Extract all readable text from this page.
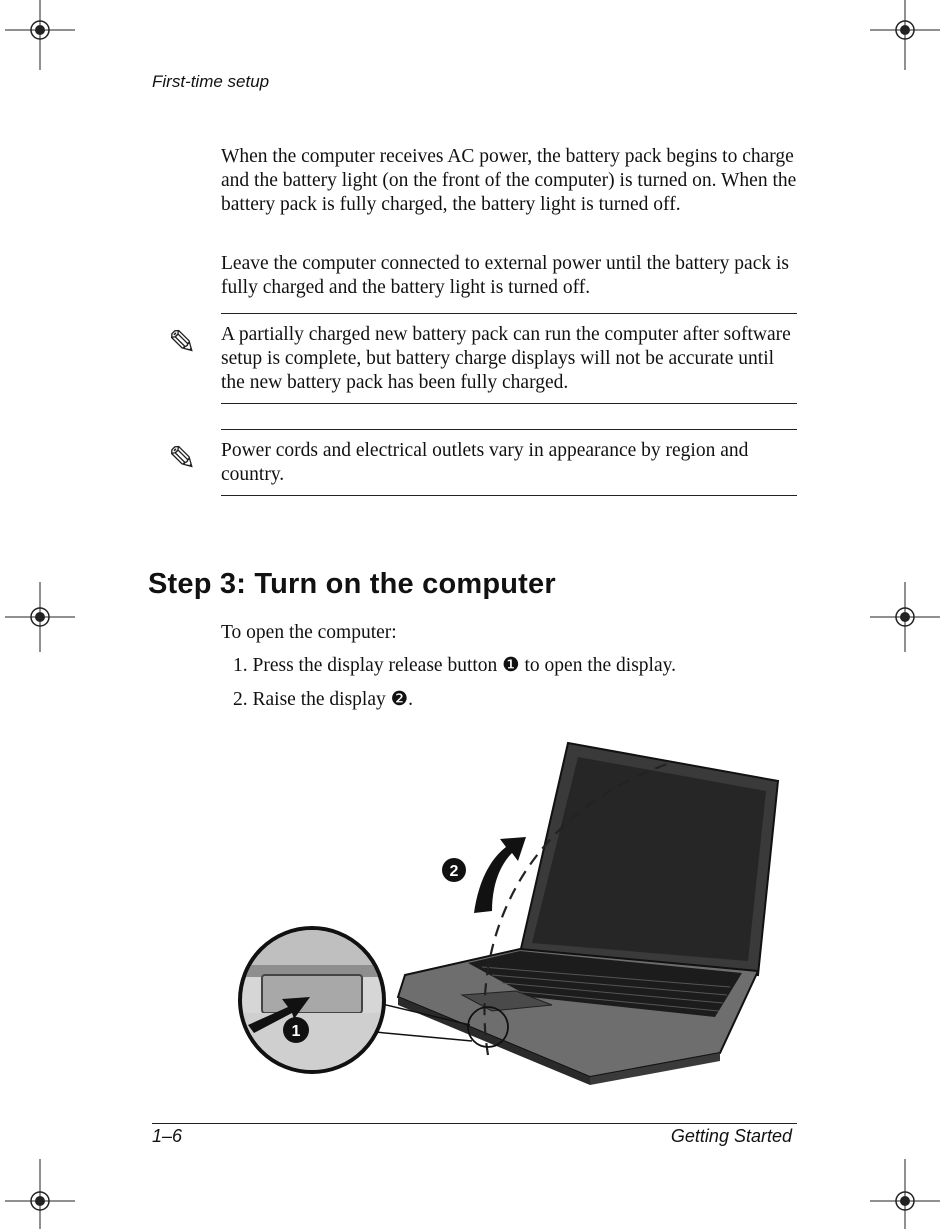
First-time setup
When the computer receives AC power, the battery pack begins to charge and the battery light (on the front of the computer) is turned on. When the battery pack is fully charged, the battery light is turned off.
Leave the computer connected to external power until the battery pack is fully charged and the battery light is turned off.
✎ A partially charged new battery pack can run the computer after software setup is complete, but battery charge displays will not be accurate until the new battery pack has been fully charged.
✎ Power cords and electrical outlets vary in appearance by region and country.
Step 3: Turn on the computer
To open the computer:
1. Press the display release button ❶ to open the display.
2. Raise the display ❷.
2
1
1–6	Getting Started
